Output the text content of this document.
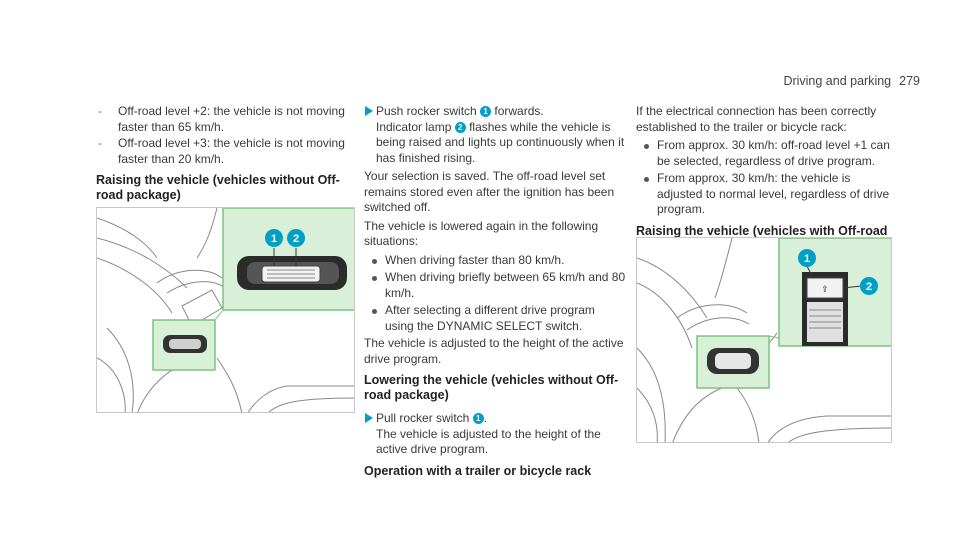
Driving and parking 279
- Off-road level +2: the vehicle is not moving faster than 65 km/h.
- Off-road level +3: the vehicle is not moving faster than 20 km/h.
Raising the vehicle (vehicles without Off-road package)
1 2

Push rocker switch 1 forwards.
Indicator lamp 2 flashes while the vehicle is being raised and lights up continuously when it has finished rising.

Your selection is saved. The off-road level set remains stored even after the ignition has been switched off.

The vehicle is lowered again in the following situations:

When driving faster than 80 km/h.
When driving briefly between 65 km/h and 80 km/h.
After selecting a different drive program using the DYNAMIC SELECT switch.

The vehicle is adjusted to the height of the active drive program.

Lowering the vehicle (vehicles without Off-road package)

Pull rocker switch 1 .
The vehicle is adjusted to the height of the active drive program.

Operation with a trailer or bicycle rack

If the electrical connection has been correctly established to the trailer or bicycle rack:

From approx. 30 km/h: off-road level +1 can be selected, regardless of drive program.
From approx. 30 km/h: the vehicle is adjusted to normal level, regardless of drive program.
Raising the vehicle (vehicles with Off-road
⇪
1
2
